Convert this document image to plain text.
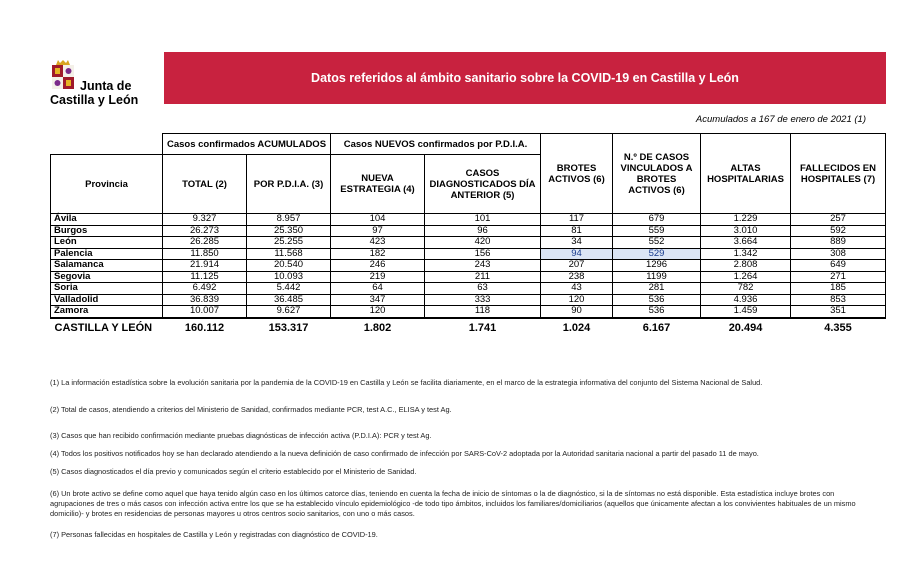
Junta de
Castilla y León
Datos referidos al ámbito sanitario sobre la COVID-19 en Castilla y León
Acumulados a 167 de enero de 2021 (1)
	Casos confirmados ACUMULADOS		Casos NUEVOS confirmados por P.D.I.A.		BROTES ACTIVOS (6)	N.º DE CASOS VINCULADOS A BROTES ACTIVOS (6)	ALTAS HOSPITALARIAS	FALLECIDOS EN HOSPITALES (7)
Provincia	TOTAL (2)	POR P.D.I.A. (3)	NUEVA ESTRATEGIA (4)	CASOS DIAGNOSTICADOS DÍA ANTERIOR (5)				
Ávila	9.327	8.957	104	101	117	679	1.229	257
Burgos	26.273	25.350	97	96	81	559	3.010	592
León	26.285	25.255	423	420	34	552	3.664	889
Palencia	11.850	11.568	182	156	94	529	1.342	308
Salamanca	21.914	20.540	246	243	207	1296	2.808	649
Segovia	11.125	10.093	219	211	238	1199	1.264	271
Soria	6.492	5.442	64	63	43	281	782	185
Valladolid	36.839	36.485	347	333	120	536	4.936	853
Zamora	10.007	9.627	120	118	90	536	1.459	351
CASTILLA Y LEÓN	160.112	153.317	1.802	1.741	1.024	6.167	20.494	4.355
(1) La información estadística sobre la evolución sanitaria por la pandemia de la COVID-19 en Castilla y León se facilita diariamente, en el marco de la estrategia informativa del conjunto del Sistema Nacional de Salud.
(2) Total de casos, atendiendo a criterios del Ministerio de Sanidad, confirmados mediante PCR, test A.C., ELISA y test Ag.
(3) Casos que han recibido confirmación mediante pruebas diagnósticas de infección activa (P.D.I.A): PCR y test Ag.
(4) Todos los positivos notificados hoy se han declarado atendiendo a la nueva definición de caso confirmado de infección por SARS-CoV-2 adoptada por la Autoridad sanitaria nacional a partir del pasado 11 de mayo.
(5) Casos diagnosticados el día previo y comunicados según el criterio establecido por el Ministerio de Sanidad.
(6) Un brote activo se define como aquel que haya tenido algún caso en los últimos catorce días, teniendo en cuenta la fecha de inicio de síntomas o la de diagnóstico, si la de síntomas no está disponible. Esta estadística incluye brotes con agrupaciones de tres o más casos con infección activa entre los que se ha establecido vínculo epidemiológico -de todo tipo ámbitos, incluidos los familiares/domiciliarios (aquellos que únicamente afectan a los convivientes habituales de un mismo domicilio)- y brotes en residencias de personas mayores u otros centros socio sanitarios, con uno o más casos.
(7) Personas fallecidas en hospitales de Castilla y León y registradas con diagnóstico de COVID-19.
